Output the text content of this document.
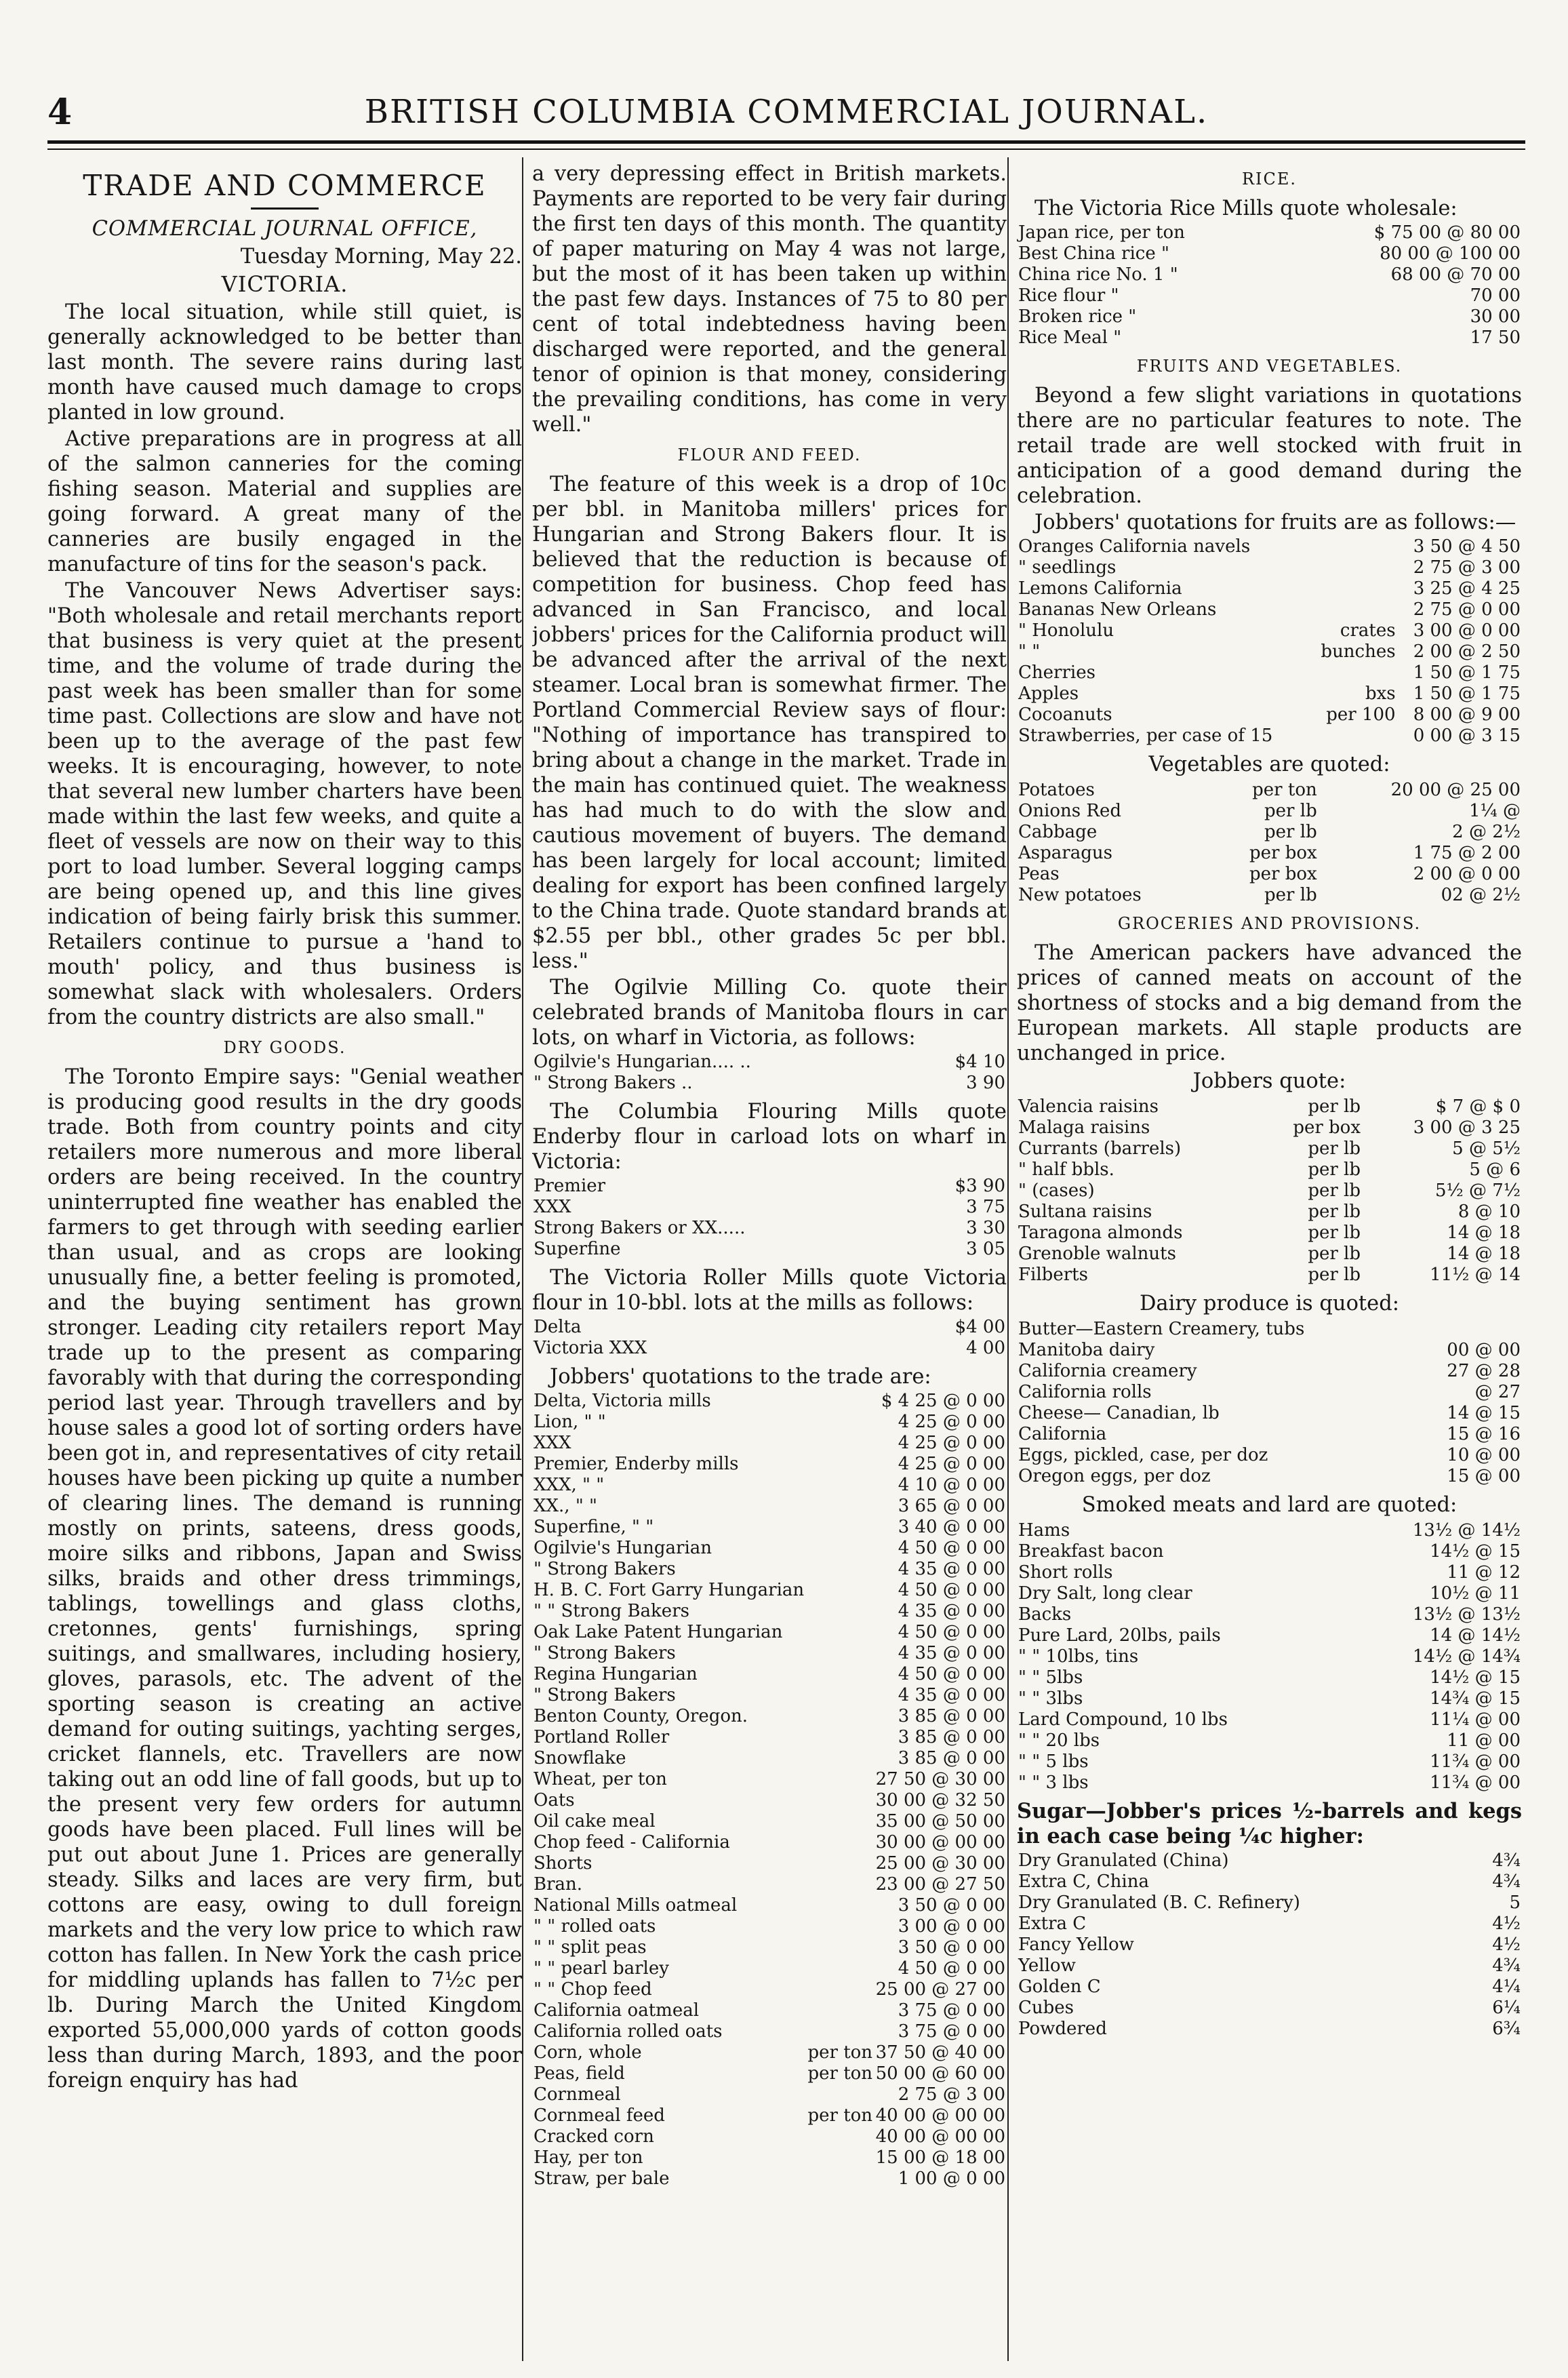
4	BRITISH COLUMBIA COMMERCIAL JOURNAL.
TRADE AND COMMERCE
COMMERCIAL JOURNAL OFFICE,
Tuesday Morning, May 22.
VICTORIA.

The local situation, while still quiet, is generally acknowledged to be better than last month. The severe rains during last month have caused much damage to crops planted in low ground.

Active preparations are in progress at all of the salmon canneries for the coming fishing season. Material and supplies are going forward. A great many of the canneries are busily engaged in the manufacture of tins for the season's pack.

The Vancouver News Advertiser says: "Both wholesale and retail merchants report that business is very quiet at the present time, and the volume of trade during the past week has been smaller than for some time past. Collections are slow and have not been up to the average of the past few weeks. It is encouraging, however, to note that several new lumber charters have been made within the last few weeks, and quite a fleet of vessels are now on their way to this port to load lumber. Several logging camps are being opened up, and this line gives indication of being fairly brisk this summer. Retailers continue to pursue a 'hand to mouth' policy, and thus business is somewhat slack with wholesalers. Orders from the country districts are also small."

DRY GOODS.

The Toronto Empire says: "Genial weather is producing good results in the dry goods trade. Both from country points and city retailers more numerous and more liberal orders are being received. In the country uninterrupted fine weather has enabled the farmers to get through with seeding earlier than usual, and as crops are looking unusually fine, a better feeling is promoted, and the buying sentiment has grown stronger. Leading city retailers report May trade up to the present as comparing favorably with that during the corresponding period last year. Through travellers and by house sales a good lot of sorting orders have been got in, and representatives of city retail houses have been picking up quite a number of clearing lines. The demand is running mostly on prints, sateens, dress goods, moire silks and ribbons, Japan and Swiss silks, braids and other dress trimmings, tablings, towellings and glass cloths, cretonnes, gents' furnishings, spring suitings, and smallwares, including hosiery, gloves, parasols, etc. The advent of the sporting season is creating an active demand for outing suitings, yachting serges, cricket flannels, etc. Travellers are now taking out an odd line of fall goods, but up to the present very few orders for autumn goods have been placed. Full lines will be put out about June 1. Prices are generally steady. Silks and laces are very firm, but cottons are easy, owing to dull foreign markets and the very low price to which raw cotton has fallen. In New York the cash price for middling uplands has fallen to 7½c per lb. During March the United Kingdom exported 55,000,000 yards of cotton goods less than during March, 1893, and the poor foreign enquiry has had

a very depressing effect in British markets. Payments are reported to be very fair during the first ten days of this month. The quantity of paper maturing on May 4 was not large, but the most of it has been taken up within the past few days. Instances of 75 to 80 per cent of total indebtedness having been discharged were reported, and the general tenor of opinion is that money, considering the prevailing conditions, has come in very well."

FLOUR AND FEED.

The feature of this week is a drop of 10c per bbl. in Manitoba millers' prices for Hungarian and Strong Bakers flour. It is believed that the reduction is because of competition for business. Chop feed has advanced in San Francisco, and local jobbers' prices for the California product will be advanced after the arrival of the next steamer. Local bran is somewhat firmer. The Portland Commercial Review says of flour: "Nothing of importance has transpired to bring about a change in the market. Trade in the main has continued quiet. The weakness has had much to do with the slow and cautious movement of buyers. The demand has been largely for local account; limited dealing for export has been confined largely to the China trade. Quote standard brands at $2.55 per bbl., other grades 5c per bbl. less."

The Ogilvie Milling Co. quote their celebrated brands of Manitoba flours in car lots, on wharf in Victoria, as follows:

Ogilvie's Hungarian.... ..	$4 10
" Strong Bakers ..	3 90

The Columbia Flouring Mills quote Enderby flour in carload lots on wharf in Victoria:

Premier	$3 90
XXX	3 75
Strong Bakers or XX.....	3 30
Superfine	3 05

The Victoria Roller Mills quote Victoria flour in 10-bbl. lots at the mills as follows:

Delta	$4 00
Victoria XXX	4 00

Jobbers' quotations to the trade are:

Delta, Victoria mills		$ 4 25 @ 0 00
Lion, " "		4 25 @ 0 00
XXX		4 25 @ 0 00
Premier, Enderby mills		4 25 @ 0 00
XXX, " "		4 10 @ 0 00
XX., " "		3 65 @ 0 00
Superfine, " "		3 40 @ 0 00
Ogilvie's Hungarian		4 50 @ 0 00
" Strong Bakers		4 35 @ 0 00
H. B. C. Fort Garry Hungarian		4 50 @ 0 00
" " Strong Bakers		4 35 @ 0 00
Oak Lake Patent Hungarian		4 50 @ 0 00
" Strong Bakers		4 35 @ 0 00
Regina Hungarian		4 50 @ 0 00
" Strong Bakers		4 35 @ 0 00
Benton County, Oregon.		3 85 @ 0 00
Portland Roller		3 85 @ 0 00
Snowflake		3 85 @ 0 00
Wheat, per ton		27 50 @ 30 00
Oats		30 00 @ 32 50
Oil cake meal		35 00 @ 50 00
Chop feed - California		30 00 @ 00 00
Shorts		25 00 @ 30 00
Bran.		23 00 @ 27 50
National Mills oatmeal		3 50 @ 0 00
" " rolled oats		3 00 @ 0 00
" " split peas		3 50 @ 0 00
" " pearl barley		4 50 @ 0 00
" " Chop feed		25 00 @ 27 00
California oatmeal		3 75 @ 0 00
California rolled oats		3 75 @ 0 00
Corn, whole	per ton	37 50 @ 40 00
Peas, field	per ton	50 00 @ 60 00
Cornmeal		2 75 @ 3 00
Cornmeal feed	per ton	40 00 @ 00 00
Cracked corn		40 00 @ 00 00
Hay, per ton		15 00 @ 18 00
Straw, per bale		1 00 @ 0 00
RICE.

The Victoria Rice Mills quote wholesale:

Japan rice, per ton	$ 75 00 @ 80 00
Best China rice "	80 00 @ 100 00
China rice No. 1 "	68 00 @ 70 00
Rice flour "	70 00
Broken rice "	30 00
Rice Meal "	17 50
FRUITS AND VEGETABLES.

Beyond a few slight variations in quotations there are no particular features to note. The retail trade are well stocked with fruit in anticipation of a good demand during the celebration.

Jobbers' quotations for fruits are as follows:—

Oranges California navels		3 50 @ 4 50
" seedlings		2 75 @ 3 00
Lemons California		3 25 @ 4 25
Bananas New Orleans		2 75 @ 0 00
" Honolulu	crates	3 00 @ 0 00
" "	bunches	2 00 @ 2 50
Cherries		1 50 @ 1 75
Apples	bxs	1 50 @ 1 75
Cocoanuts	per 100	8 00 @ 9 00
Strawberries, per case of 15		0 00 @ 3 15
Vegetables are quoted:
Potatoes	per ton	20 00 @ 25 00
Onions Red	per lb	1¼ @
Cabbage	per lb	2 @ 2½
Asparagus	per box	1 75 @ 2 00
Peas	per box	2 00 @ 0 00
New potatoes	per lb	02 @ 2½
GROCERIES AND PROVISIONS.

The American packers have advanced the prices of canned meats on account of the shortness of stocks and a big demand from the European markets. All staple products are unchanged in price.

Jobbers quote:
Valencia raisins	per lb	$ 7 @ $ 0
Malaga raisins	per box	3 00 @ 3 25
Currants (barrels)	per lb	5 @ 5½
" half bbls.	per lb	5 @ 6
" (cases)	per lb	5½ @ 7½
Sultana raisins	per lb	8 @ 10
Taragona almonds	per lb	14 @ 18
Grenoble walnuts	per lb	14 @ 18
Filberts	per lb	11½ @ 14
Dairy produce is quoted:
Butter—Eastern Creamery, tubs	
Manitoba dairy	00 @ 00
California creamery	27 @ 28
California rolls	@ 27
Cheese— Canadian, lb	14 @ 15
California	15 @ 16
Eggs, pickled, case, per doz	10 @ 00
Oregon eggs, per doz	15 @ 00
Smoked meats and lard are quoted:
Hams	13½ @ 14½
Breakfast bacon	14½ @ 15
Short rolls	11 @ 12
Dry Salt, long clear	10½ @ 11
Backs	13½ @ 13½
Pure Lard, 20lbs, pails	14 @ 14½
" " 10lbs, tins	14½ @ 14¾
" " 5lbs	14½ @ 15
" " 3lbs	14¾ @ 15
Lard Compound, 10 lbs	11¼ @ 00
" " 20 lbs	11 @ 00
" " 5 lbs	11¾ @ 00
" " 3 lbs	11¾ @ 00

Sugar—Jobber's prices ½-barrels and kegs in each case being ¼c higher:

Dry Granulated (China)	4¾
Extra C, China	4¾
Dry Granulated (B. C. Refinery)	5
Extra C	4½
Fancy Yellow	4½
Yellow	4¾
Golden C	4¼
Cubes	6¼
Powdered	6¾
